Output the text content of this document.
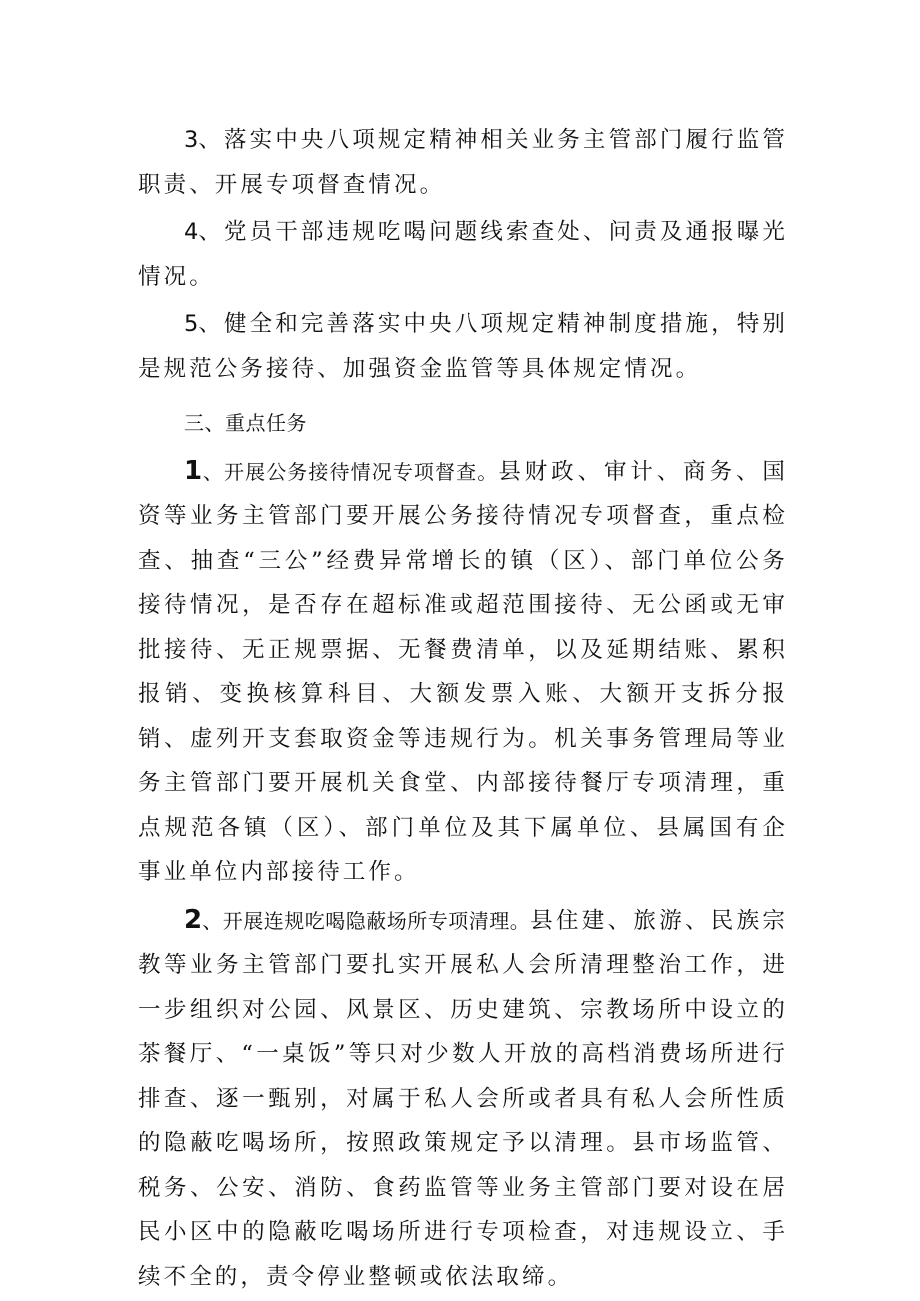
3、落实中央八项规定精神相关业务主管部门履行监管职责、开展专项督查情况。

4、党员干部违规吃喝问题线索查处、问责及通报曝光情况。

5、健全和完善落实中央八项规定精神制度措施，特别是规范公务接待、加强资金监管等具体规定情况。

三、重点任务

1、开展公务接待情况专项督查。县财政、审计、商务、国资等业务主管部门要开展公务接待情况专项督查，重点检查、抽查“三公”经费异常增长的镇（区）、部门单位公务接待情况，是否存在超标准或超范围接待、无公函或无审批接待、无正规票据、无餐费清单，以及延期结账、累积报销、变换核算科目、大额发票入账、大额开支拆分报销、虚列开支套取资金等违规行为。机关事务管理局等业务主管部门要开展机关食堂、内部接待餐厅专项清理，重点规范各镇（区）、部门单位及其下属单位、县属国有企事业单位内部接待工作。

2、开展连规吃喝隐蔽场所专项清理。县住建、旅游、民族宗教等业务主管部门要扎实开展私人会所清理整治工作，进一步组织对公园、风景区、历史建筑、宗教场所中设立的茶餐厅、“一桌饭”等只对少数人开放的高档消费场所进行排查、逐一甄别，对属于私人会所或者具有私人会所性质的隐蔽吃喝场所，按照政策规定予以清理。县市场监管、税务、公安、消防、食药监管等业务主管部门要对设在居民小区中的隐蔽吃喝场所进行专项检查，对违规设立、手续不全的，责令停业整顿或依法取缔。
